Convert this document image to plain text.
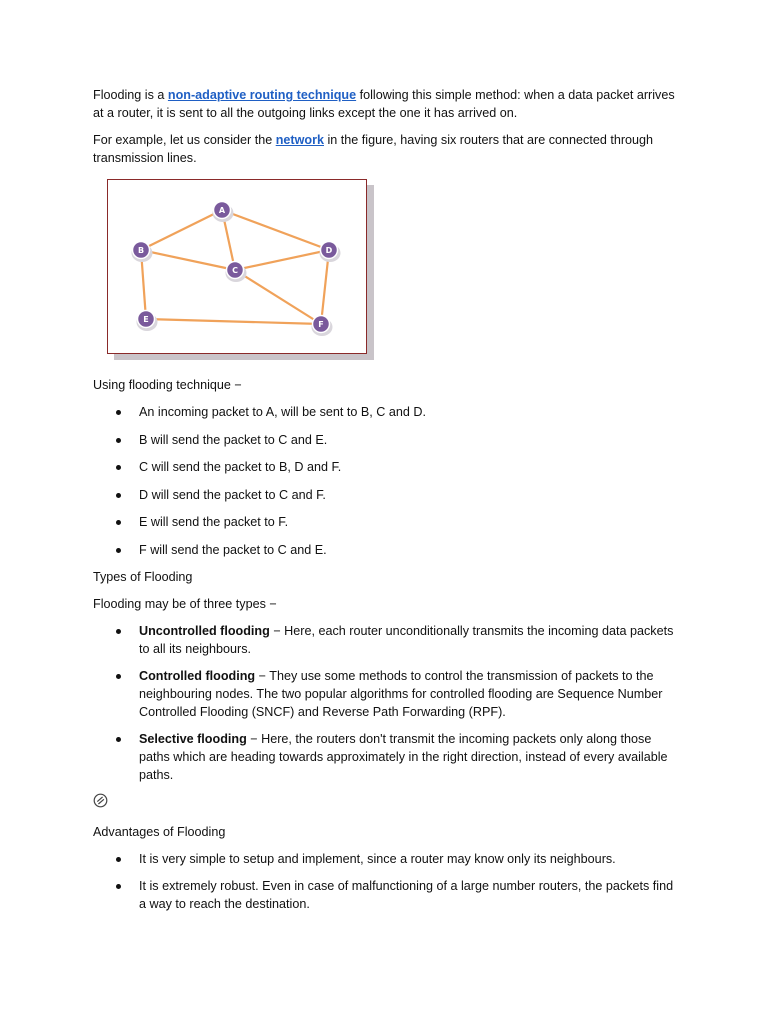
Flooding is a non-adaptive routing technique following this simple method: when a data packet arrives at a router, it is sent to all the outgoing links except the one it has arrived on.

For example, let us consider the network in the figure, having six routers that are connected through transmission lines.

A
B
C
D
E
F

Using flooding technique −

An incoming packet to A, will be sent to B, C and D.
B will send the packet to C and E.
C will send the packet to B, D and F.
D will send the packet to C and F.
E will send the packet to F.
F will send the packet to C and E.

Types of Flooding

Flooding may be of three types −

Uncontrolled flooding − Here, each router unconditionally transmits the incoming data packets to all its neighbours.
Controlled flooding − They use some methods to control the transmission of packets to the neighbouring nodes. The two popular algorithms for controlled flooding are Sequence Number Controlled Flooding (SNCF) and Reverse Path Forwarding (RPF).
Selective flooding − Here, the routers don't transmit the incoming packets only along those paths which are heading towards approximately in the right direction, instead of every available paths.

Advantages of Flooding

It is very simple to setup and implement, since a router may know only its neighbours.
It is extremely robust. Even in case of malfunctioning of a large number routers, the packets find a way to reach the destination.
